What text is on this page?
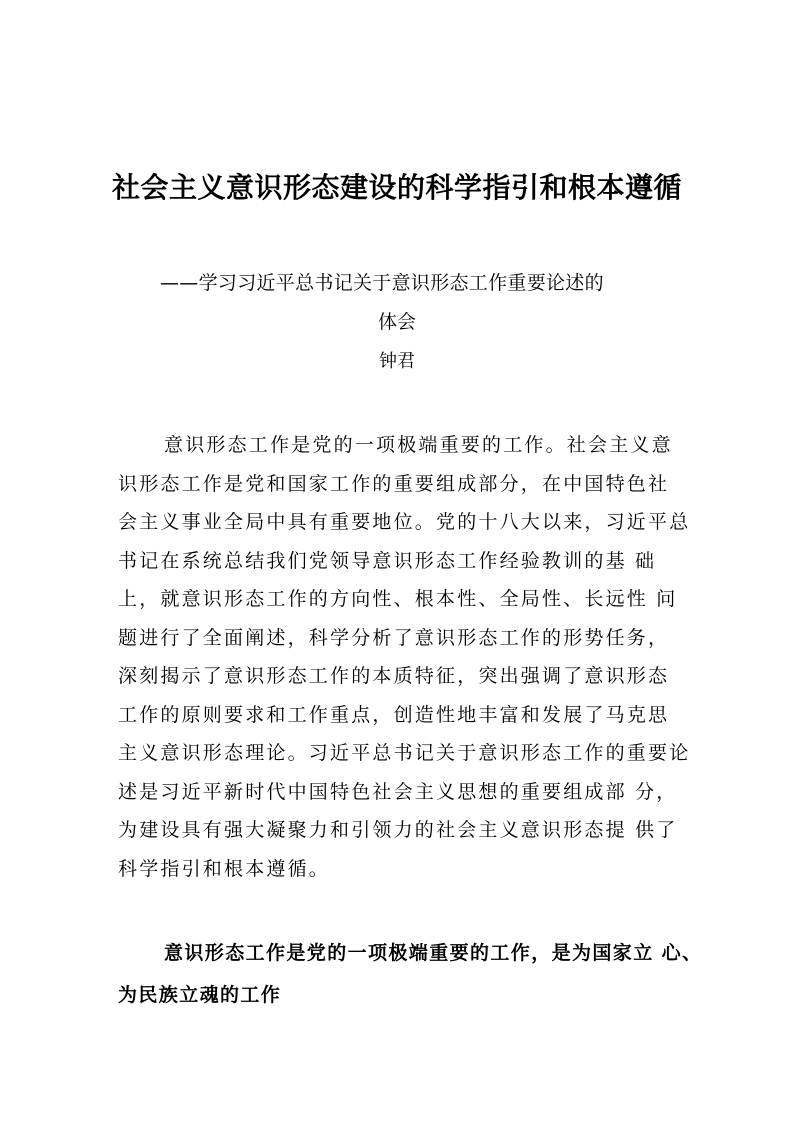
社会主义意识形态建设的科学指引和根本遵循

——学习习近平总书记关于意识形态工作重要论述的

体会

钟君

意识形态工作是党的一项极端重要的工作。社会主义意
识形态工作是党和国家工作的重要组成部分，在中国特色社
会主义事业全局中具有重要地位。党的十八大以来，习近平总
书记在系统总结我们党领导意识形态工作经验教训的基 础
上，就意识形态工作的方向性、根本性、全局性、长远性 问
题进行了全面阐述，科学分析了意识形态工作的形势任务，
深刻揭示了意识形态工作的本质特征，突出强调了意识形态
工作的原则要求和工作重点，创造性地丰富和发展了马克思
主义意识形态理论。习近平总书记关于意识形态工作的重要论
述是习近平新时代中国特色社会主义思想的重要组成部 分，
为建设具有强大凝聚力和引领力的社会主义意识形态提 供了
科学指引和根本遵循。
意识形态工作是党的一项极端重要的工作，是为国家立 心、
为民族立魂的工作
